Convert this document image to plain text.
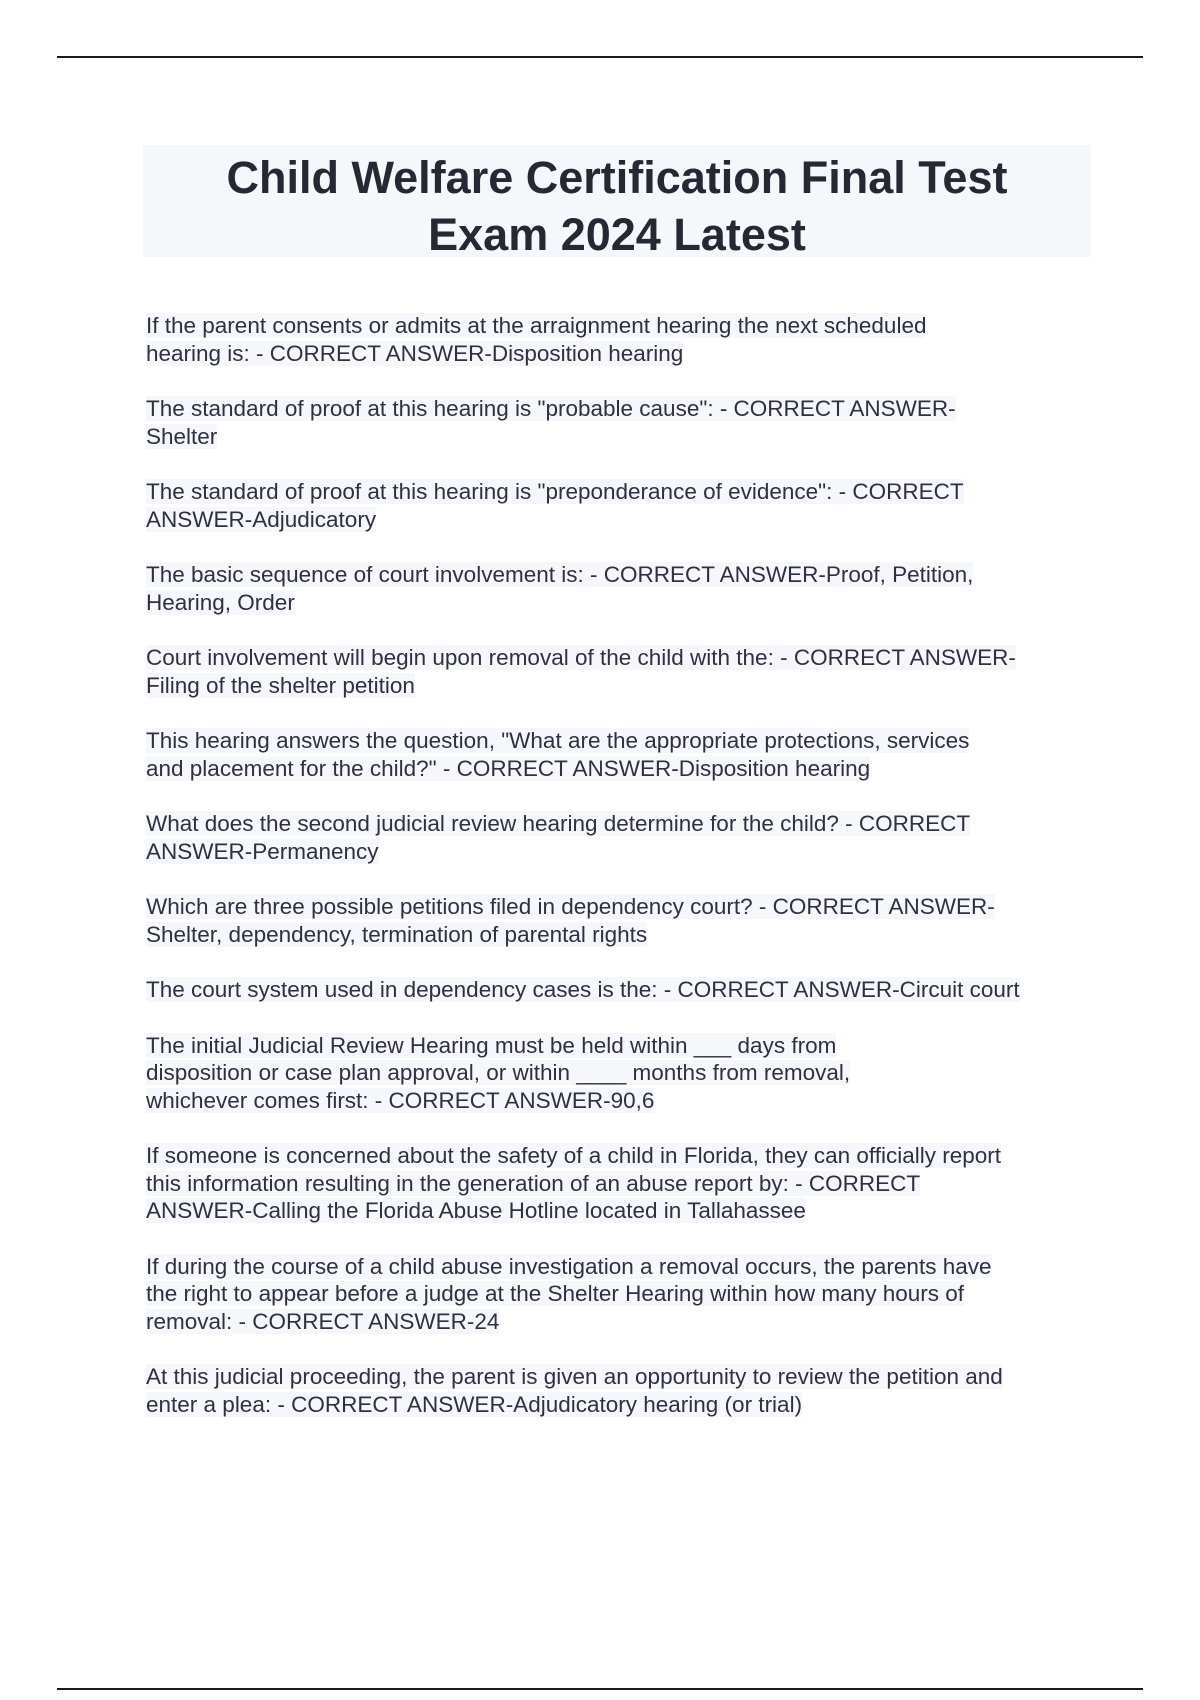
Child Welfare Certification Final Test
Exam 2024 Latest

If the parent consents or admits at the arraignment hearing the next scheduled
hearing is: - CORRECT ANSWER-Disposition hearing

The standard of proof at this hearing is "probable cause": - CORRECT ANSWER-
Shelter

The standard of proof at this hearing is "preponderance of evidence": - CORRECT
ANSWER-Adjudicatory

The basic sequence of court involvement is: - CORRECT ANSWER-Proof, Petition,
Hearing, Order

Court involvement will begin upon removal of the child with the: - CORRECT ANSWER-
Filing of the shelter petition

This hearing answers the question, "What are the appropriate protections, services
and placement for the child?" - CORRECT ANSWER-Disposition hearing

What does the second judicial review hearing determine for the child? - CORRECT
ANSWER-Permanency

Which are three possible petitions filed in dependency court? - CORRECT ANSWER-
Shelter, dependency, termination of parental rights

The court system used in dependency cases is the: - CORRECT ANSWER-Circuit court

The initial Judicial Review Hearing must be held within ___ days from
disposition or case plan approval, or within ____ months from removal,
whichever comes first: - CORRECT ANSWER-90,6

If someone is concerned about the safety of a child in Florida, they can officially report
this information resulting in the generation of an abuse report by: - CORRECT
ANSWER-Calling the Florida Abuse Hotline located in Tallahassee

If during the course of a child abuse investigation a removal occurs, the parents have
the right to appear before a judge at the Shelter Hearing within how many hours of
removal: - CORRECT ANSWER-24

At this judicial proceeding, the parent is given an opportunity to review the petition and
enter a plea: - CORRECT ANSWER-Adjudicatory hearing (or trial)
